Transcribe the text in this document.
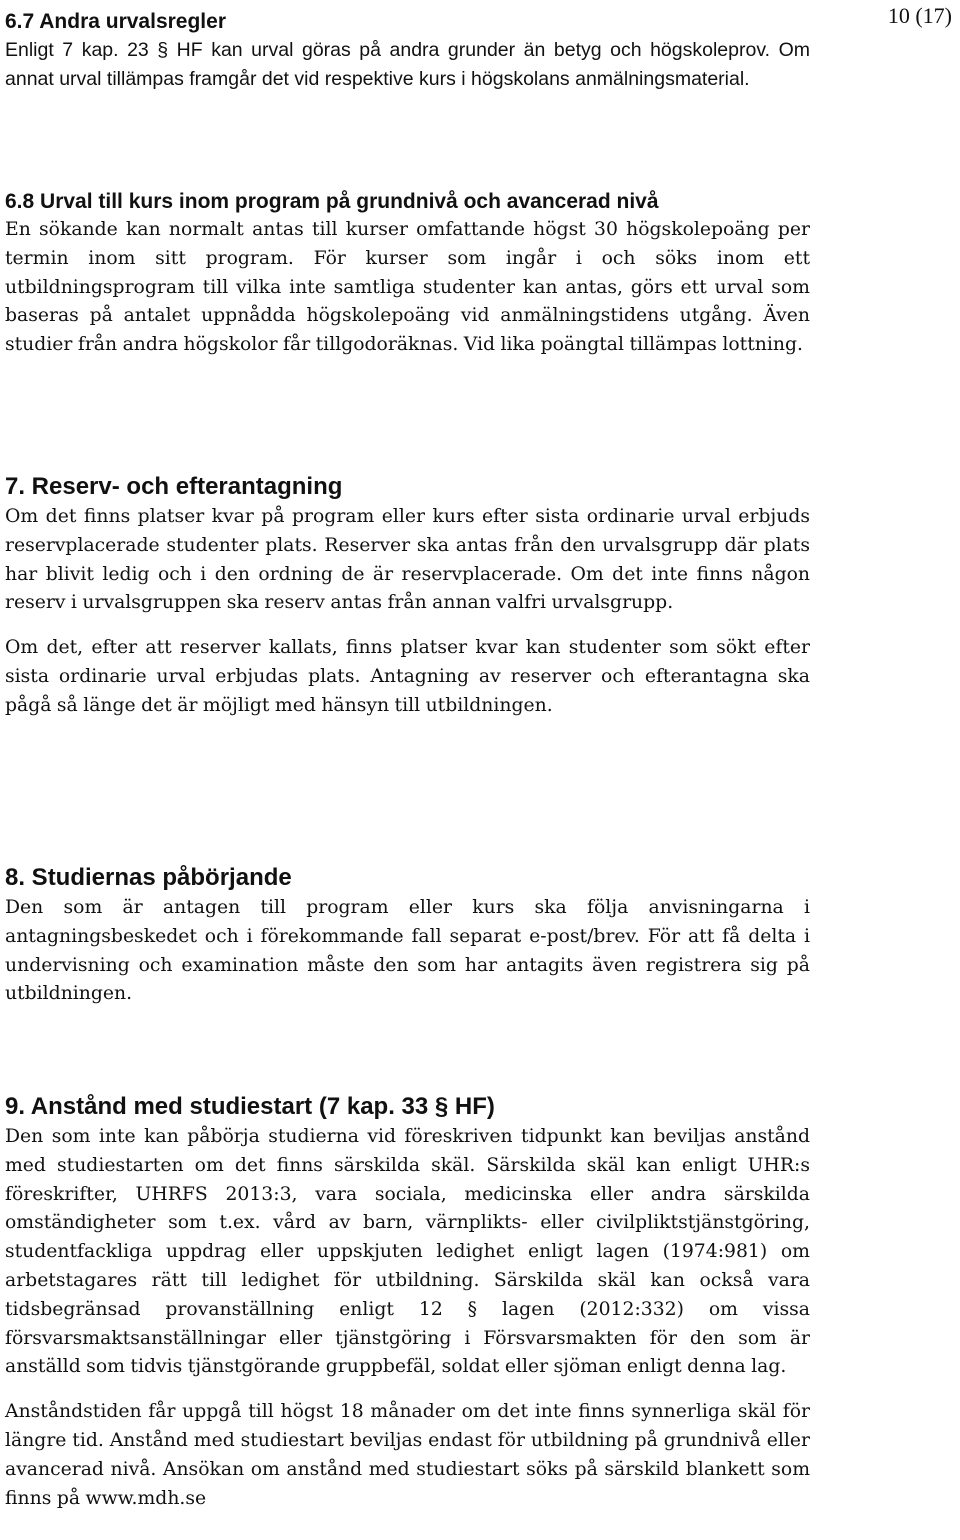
10 (17)
6.7 Andra urvalsregler

Enligt 7 kap. 23 § HF kan urval göras på andra grunder än betyg och högskoleprov. Om annat urval tillämpas framgår det vid respektive kurs i högskolans anmälningsmaterial.

6.8 Urval till kurs inom program på grundnivå och avancerad nivå

En sökande kan normalt antas till kurser omfattande högst 30 högskolepoäng per termin inom sitt program. För kurser som ingår i och söks inom ett utbildningsprogram till vilka inte samtliga studenter kan antas, görs ett urval som baseras på antalet uppnådda högskolepoäng vid anmälningstidens utgång. Även studier från andra högskolor får tillgodoräknas. Vid lika poängtal tillämpas lottning.

7. Reserv- och efterantagning

Om det finns platser kvar på program eller kurs efter sista ordinarie urval erbjuds reservplacerade studenter plats. Reserver ska antas från den urvalsgrupp där plats har blivit ledig och i den ordning de är reservplacerade. Om det inte finns någon reserv i urvalsgruppen ska reserv antas från annan valfri urvalsgrupp.

Om det, efter att reserver kallats, finns platser kvar kan studenter som sökt efter sista ordinarie urval erbjudas plats. Antagning av reserver och efterantagna ska pågå så länge det är möjligt med hänsyn till utbildningen.

8. Studiernas påbörjande

Den som är antagen till program eller kurs ska följa anvisningarna i antagningsbeskedet och i förekommande fall separat e-post/brev. För att få delta i undervisning och examination måste den som har antagits även registrera sig på utbildningen.

9. Anstånd med studiestart (7 kap. 33 § HF)

Den som inte kan påbörja studierna vid föreskriven tidpunkt kan beviljas anstånd med studiestarten om det finns särskilda skäl. Särskilda skäl kan enligt UHR:s föreskrifter, UHRFS 2013:3, vara sociala, medicinska eller andra särskilda omständigheter som t.ex. vård av barn, värnplikts- eller civilpliktstjänstgöring, studentfackliga uppdrag eller uppskjuten ledighet enligt lagen (1974:981) om arbetstagares rätt till ledighet för utbildning. Särskilda skäl kan också vara tidsbegränsad provanställning enligt 12 § lagen (2012:332) om vissa försvarsmaktsanställningar eller tjänstgöring i Försvarsmakten för den som är anställd som tidvis tjänstgörande gruppbefäl, soldat eller sjöman enligt denna lag.

Anståndstiden får uppgå till högst 18 månader om det inte finns synnerliga skäl för längre tid. Anstånd med studiestart beviljas endast för utbildning på grundnivå eller avancerad nivå. Ansökan om anstånd med studiestart söks på särskild blankett som finns på www.mdh.se
